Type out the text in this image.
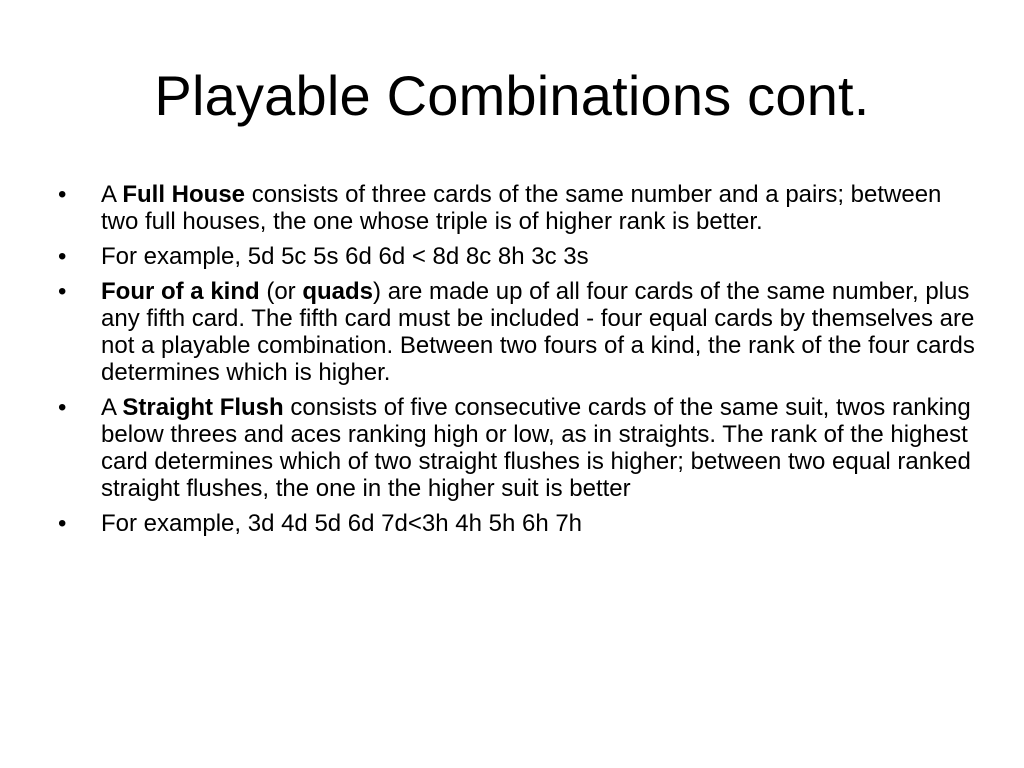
Playable Combinations cont.
• A Full House consists of three cards of the same number and a pairs; between two full houses, the one whose triple is of higher rank is better.
• For example, 5d 5c 5s 6d 6d < 8d 8c 8h 3c 3s
• Four of a kind (or quads) are made up of all four cards of the same number, plus any fifth card. The fifth card must be included - four equal cards by themselves are not a playable combination. Between two fours of a kind, the rank of the four cards determines which is higher.
• A Straight Flush consists of five consecutive cards of the same suit, twos ranking below threes and aces ranking high or low, as in straights. The rank of the highest card determines which of two straight flushes is higher; between two equal ranked straight flushes, the one in the higher suit is better
• For example, 3d 4d 5d 6d 7d<3h 4h 5h 6h 7h
